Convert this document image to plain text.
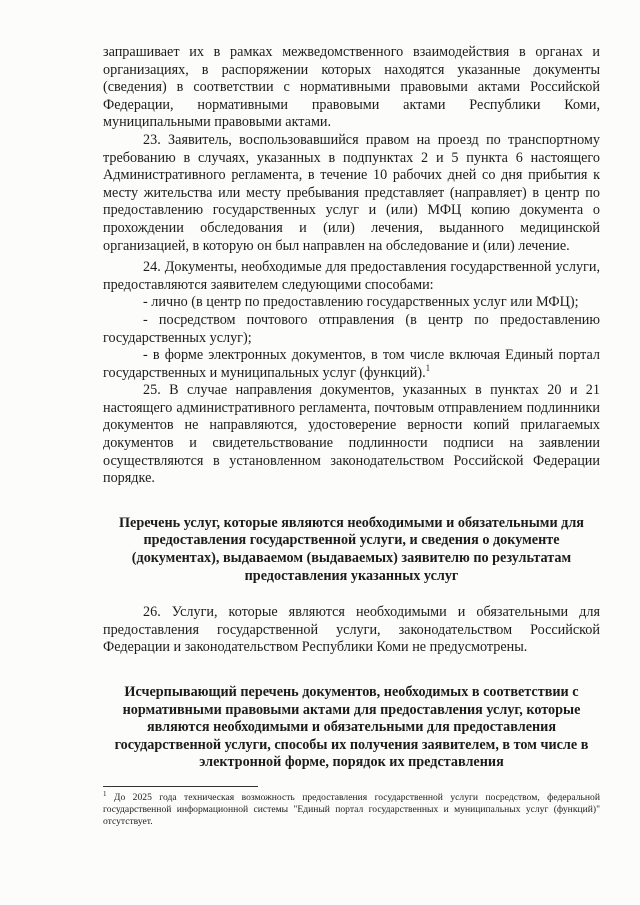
запрашивает их в рамках межведомственного взаимодействия в органах и организациях, в распоряжении которых находятся указанные документы (сведения) в соответствии с нормативными правовыми актами Российской Федерации, нормативными правовыми актами Республики Коми, муниципальными правовыми актами.

23. Заявитель, воспользовавшийся правом на проезд по транспортному требованию в случаях, указанных в подпунктах 2 и 5 пункта 6 настоящего Административного регламента, в течение 10 рабочих дней со дня прибытия к месту жительства или месту пребывания представляет (направляет) в центр по предоставлению государственных услуг и (или) МФЦ копию документа о прохождении обследования и (или) лечения, выданного медицинской организацией, в которую он был направлен на обследование и (или) лечение.

24. Документы, необходимые для предоставления государственной услуги, предоставляются заявителем следующими способами:

- лично (в центр по предоставлению государственных услуг или МФЦ);

- посредством почтового отправления (в центр по предоставлению государственных услуг);

- в форме электронных документов, в том числе включая Единый портал государственных и муниципальных услуг (функций).$^1$

25. В случае направления документов, указанных в пунктах 20 и 21 настоящего административного регламента, почтовым отправлением подлинники документов не направляются, удостоверение верности копий прилагаемых документов и свидетельствование подлинности подписи на заявлении осуществляются в установленном законодательством Российской Федерации порядке.

Перечень услуг, которые являются необходимыми и обязательными для предоставления государственной услуги, и сведения о документе (документах), выдаваемом (выдаваемых) заявителю по результатам предоставления указанных услуг

26. Услуги, которые являются необходимыми и обязательными для предоставления государственной услуги, законодательством Российской Федерации и законодательством Республики Коми не предусмотрены.

Исчерпывающий перечень документов, необходимых в соответствии с нормативными правовыми актами для предоставления услуг, которые являются необходимыми и обязательными для предоставления государственной услуги, способы их получения заявителем, в том числе в электронной форме, порядок их представления

$^1$ До 2025 года техническая возможность предоставления государственной услуги посредством, федеральной государственной информационной системы "Единый портал государственных и муниципальных услуг (функций)" отсутствует.
